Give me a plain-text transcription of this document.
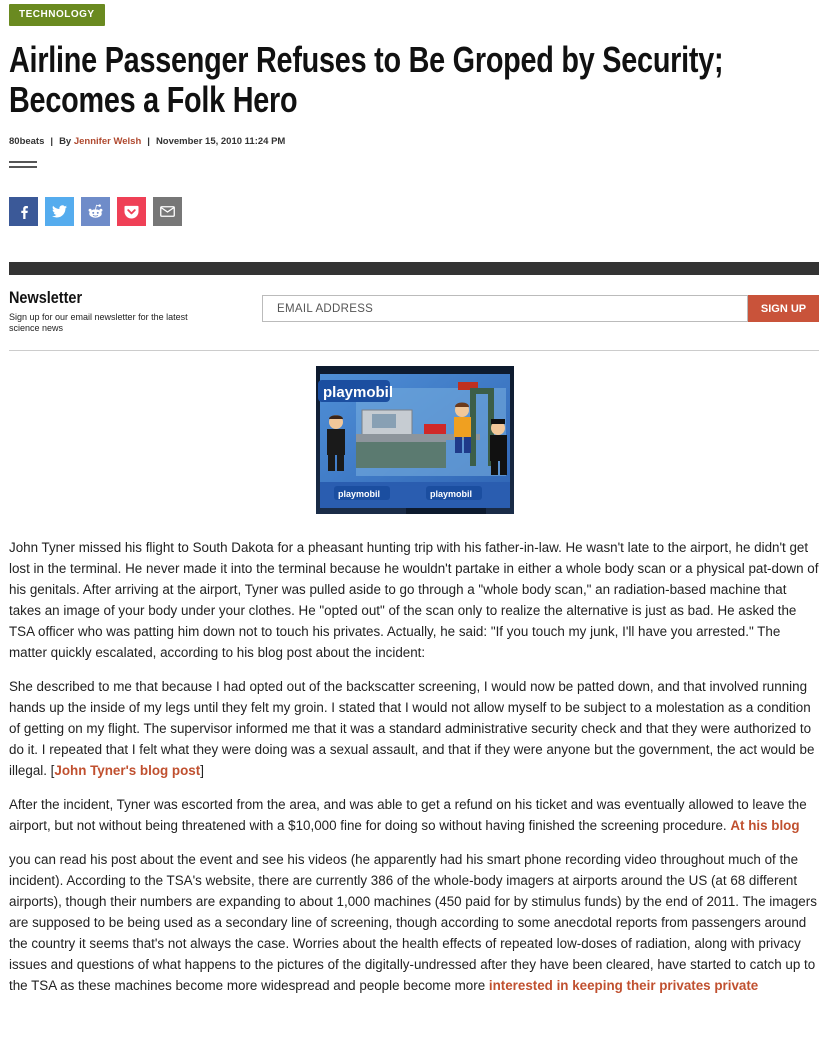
TECHNOLOGY
Airline Passenger Refuses to Be Groped by Security; Becomes a Folk Hero
80beats | By Jennifer Welsh | November 15, 2010 11:24 PM
Newsletter
Sign up for our email newsletter for the latest science news
EMAIL ADDRESS
SIGN UP
playmobil
playmobil	playmobil

John Tyner missed his flight to South Dakota for a pheasant hunting trip with his father-in-law. He wasn't late to the airport, he didn't get lost in the terminal. He never made it into the terminal because he wouldn't partake in either a whole body scan or a physical pat-down of his genitals. After arriving at the airport, Tyner was pulled aside to go through a "whole body scan," an radiation-based machine that takes an image of your body under your clothes. He "opted out" of the scan only to realize the alternative is just as bad. He asked the TSA officer who was patting him down not to touch his privates. Actually, he said: "If you touch my junk, I'll have you arrested." The matter quickly escalated, according to his blog post about the incident:

She described to me that because I had opted out of the backscatter screening, I would now be patted down, and that involved running hands up the inside of my legs until they felt my groin. I stated that I would not allow myself to be subject to a molestation as a condition of getting on my flight. The supervisor informed me that it was a standard administrative security check and that they were authorized to do it. I repeated that I felt what they were doing was a sexual assault, and that if they were anyone but the government, the act would be illegal. [John Tyner's blog post]

After the incident, Tyner was escorted from the area, and was able to get a refund on his ticket and was eventually allowed to leave the airport, but not without being threatened with a $10,000 fine for doing so without having finished the screening procedure. At his blog

you can read his post about the event and see his videos (he apparently had his smart phone recording video throughout much of the incident). According to the TSA's website, there are currently 386 of the whole-body imagers at airports around the US (at 68 different airports), though their numbers are expanding to about 1,000 machines (450 paid for by stimulus funds) by the end of 2011. The imagers are supposed to be being used as a secondary line of screening, though according to some anecdotal reports from passengers around the country it seems that's not always the case. Worries about the health effects of repeated low-doses of radiation, along with privacy issues and questions of what happens to the pictures of the digitally-undressed after they have been cleared, have started to catch up to the TSA as these machines become more widespread and people become more interested in keeping their privates private
